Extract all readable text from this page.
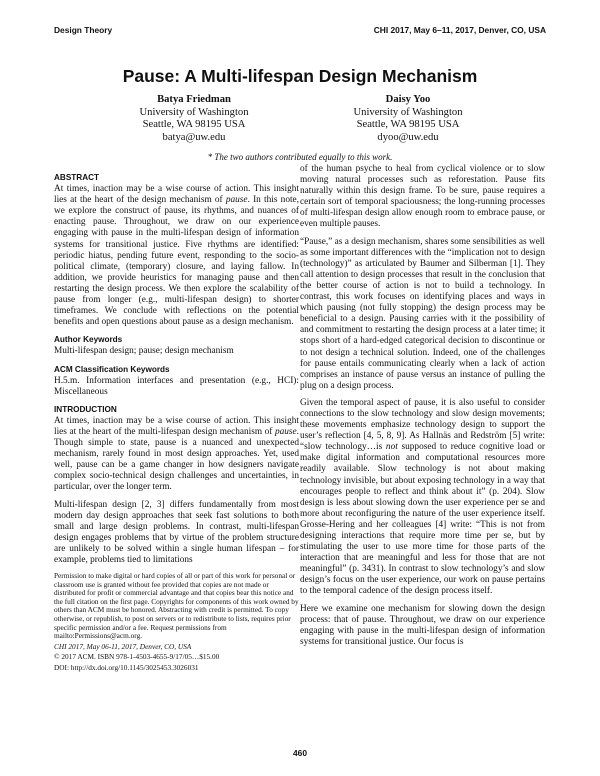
Design Theory	CHI 2017, May 6–11, 2017, Denver, CO, USA
Pause: A Multi-lifespan Design Mechanism
Batya Friedman
University of Washington
Seattle, WA 98195 USA
batya@uw.edu
Daisy Yoo
University of Washington
Seattle, WA 98195 USA
dyoo@uw.edu
* The two authors contributed equally to this work.
ABSTRACT

At times, inaction may be a wise course of action. This insight lies at the heart of the design mechanism of pause. In this note, we explore the construct of pause, its rhythms, and nuances of enacting pause. Throughout, we draw on our experience engaging with pause in the multi-lifespan design of information systems for transitional justice. Five rhythms are identified: periodic hiatus, pending future event, responding to the socio-political climate, (temporary) closure, and laying fallow. In addition, we provide heuristics for managing pause and then restarting the design process. We then explore the scalability of pause from longer (e.g., multi-lifespan design) to shorter timeframes. We conclude with reflections on the potential benefits and open questions about pause as a design mechanism.

Author Keywords

Multi-lifespan design; pause; design mechanism

ACM Classification Keywords

H.5.m. Information interfaces and presentation (e.g., HCI): Miscellaneous

INTRODUCTION

At times, inaction may be a wise course of action. This insight lies at the heart of the multi-lifespan design mechanism of pause. Though simple to state, pause is a nuanced and unexpected mechanism, rarely found in most design approaches. Yet, used well, pause can be a game changer in how designers navigate complex socio-technical design challenges and uncertainties, in particular, over the longer term.

Multi-lifespan design [2, 3] differs fundamentally from most modern day design approaches that seek fast solutions to both small and large design problems. In contrast, multi-lifespan design engages problems that by virtue of the problem structure are unlikely to be solved within a single human lifespan – for example, problems tied to limitations

Permission to make digital or hard copies of all or part of this work for personal or classroom use is granted without fee provided that copies are not made or distributed for profit or commercial advantage and that copies bear this notice and the full citation on the first page. Copyrights for components of this work owned by others than ACM must be honored. Abstracting with credit is permitted. To copy otherwise, or republish, to post on servers or to redistribute to lists, requires prior specific permission and/or a fee. Request permissions from mailto:Permissions@acm.org.

CHI 2017, May 06-11, 2017, Denver, CO, USA

© 2017 ACM. ISBN 978-1-4503-4655-9/17/05…$15.00

DOI: http://dx.doi.org/10.1145/3025453.3026031

of the human psyche to heal from cyclical violence or to slow moving natural processes such as reforestation. Pause fits naturally within this design frame. To be sure, pause requires a certain sort of temporal spaciousness; the long-running processes of multi-lifespan design allow enough room to embrace pause, or even multiple pauses.

“Pause,” as a design mechanism, shares some sensibilities as well as some important differences with the “implication not to design (technology)” as articulated by Baumer and Silberman [1]. They call attention to design processes that result in the conclusion that the better course of action is not to build a technology. In contrast, this work focuses on identifying places and ways in which pausing (not fully stopping) the design process may be beneficial to a design. Pausing carries with it the possibility of and commitment to restarting the design process at a later time; it stops short of a hard-edged categorical decision to discontinue or to not design a technical solution. Indeed, one of the challenges for pause entails communicating clearly when a lack of action comprises an instance of pause versus an instance of pulling the plug on a design process.

Given the temporal aspect of pause, it is also useful to consider connections to the slow technology and slow design movements; these movements emphasize technology design to support the user’s reflection [4, 5, 8, 9]. As Hallnäs and Redström [5] write: “slow technology…is not supposed to reduce cognitive load or make digital information and computational resources more readily available. Slow technology is not about making technology invisible, but about exposing technology in a way that encourages people to reflect and think about it” (p. 204). Slow design is less about slowing down the user experience per se and more about reconfiguring the nature of the user experience itself. Grosse-Hering and her colleagues [4] write: “This is not from designing interactions that require more time per se, but by stimulating the user to use more time for those parts of the interaction that are meaningful and less for those that are not meaningful” (p. 3431). In contrast to slow technology’s and slow design’s focus on the user experience, our work on pause pertains to the temporal cadence of the design process itself.

Here we examine one mechanism for slowing down the design process: that of pause. Throughout, we draw on our experience engaging with pause in the multi-lifespan design of information systems for transitional justice. Our focus is

460
